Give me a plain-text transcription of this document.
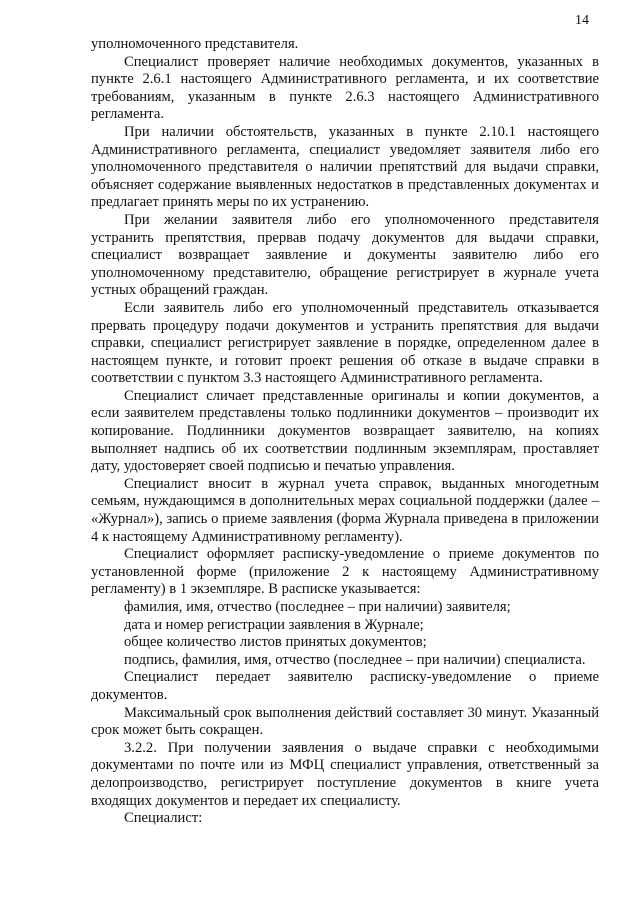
14

уполномоченного представителя.

Специалист проверяет наличие необходимых документов, указанных в пункте 2.6.1 настоящего Административного регламента, и их соответствие требованиям, указанным в пункте 2.6.3 настоящего Административного регламента.

При наличии обстоятельств, указанных в пункте 2.10.1 настоящего Административного регламента, специалист уведомляет заявителя либо его уполномоченного представителя о наличии препятствий для выдачи справки, объясняет содержание выявленных недостатков в представленных документах и предлагает принять меры по их устранению.

При желании заявителя либо его уполномоченного представителя устранить препятствия, прервав подачу документов для выдачи справки, специалист возвращает заявление и документы заявителю либо его уполномоченному представителю, обращение регистрирует в журнале учета устных обращений граждан.

Если заявитель либо его уполномоченный представитель отказывается прервать процедуру подачи документов и устранить препятствия для выдачи справки, специалист регистрирует заявление в порядке, определенном далее в настоящем пункте, и готовит проект решения об отказе в выдаче справки в соответствии с пунктом 3.3 настоящего Административного регламента.

Специалист сличает представленные оригиналы и копии документов, а если заявителем представлены только подлинники документов – производит их копирование. Подлинники документов возвращает заявителю, на копиях выполняет надпись об их соответствии подлинным экземплярам, проставляет дату, удостоверяет своей подписью и печатью управления.

Специалист вносит в журнал учета справок, выданных многодетным семьям, нуждающимся в дополнительных мерах социальной поддержки (далее – «Журнал»), запись о приеме заявления (форма Журнала приведена в приложении 4 к настоящему Административному регламенту).

Специалист оформляет расписку-уведомление о приеме документов по установленной форме (приложение 2 к настоящему Административному регламенту) в 1 экземпляре. В расписке указывается:

фамилия, имя, отчество (последнее – при наличии) заявителя;

дата и номер регистрации заявления в Журнале;

общее количество листов принятых документов;

подпись, фамилия, имя, отчество (последнее – при наличии) специалиста.

Специалист передает заявителю расписку-уведомление о приеме документов.

Максимальный срок выполнения действий составляет 30 минут. Указанный срок может быть сокращен.

3.2.2. При получении заявления о выдаче справки с необходимыми документами по почте или из МФЦ специалист управления, ответственный за делопроизводство, регистрирует поступление документов в книге учета входящих документов и передает их специалисту.

Специалист:
